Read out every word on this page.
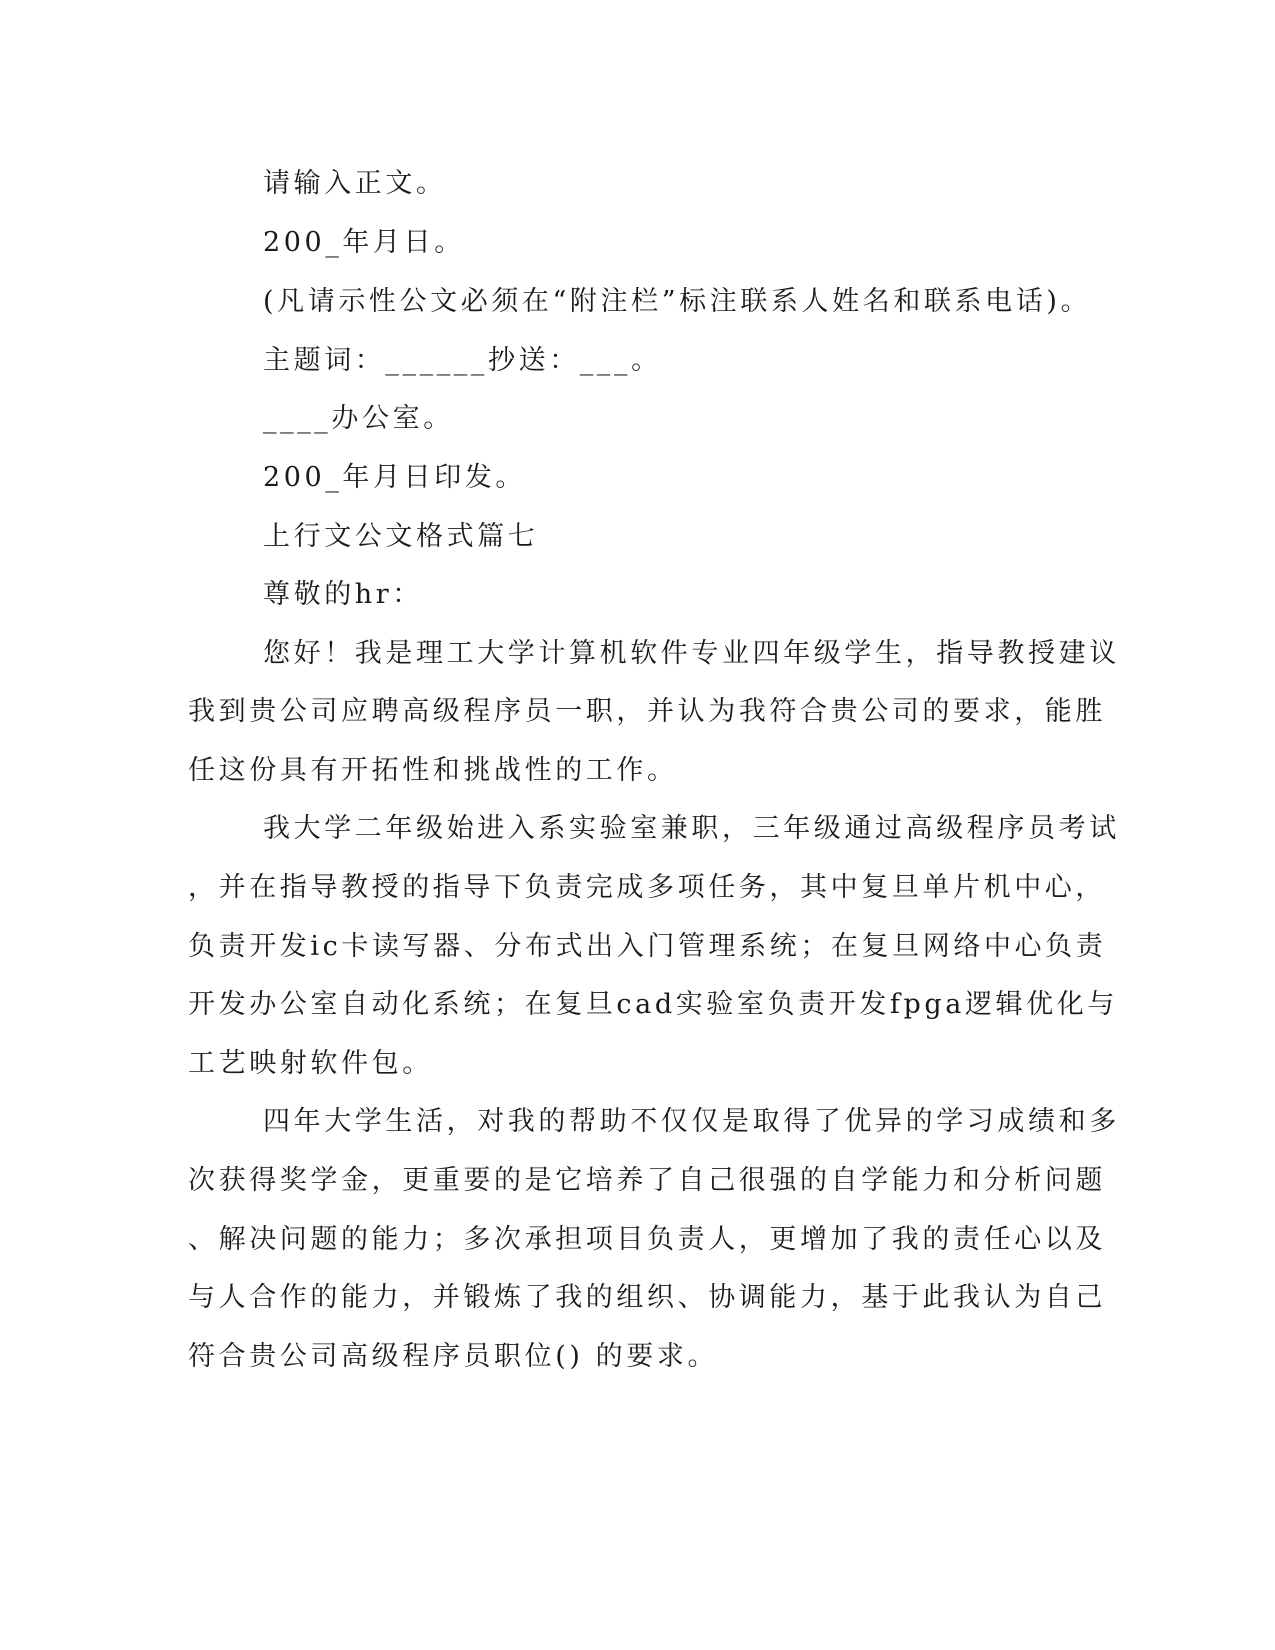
请输入正文。
200_年月日。
(凡请示性公文必须在“附注栏”标注联系人姓名和联系电话)。
主题词：______抄送：___。
____办公室。
200_年月日印发。
上行文公文格式篇七
尊敬的hr：
您好！我是理工大学计算机软件专业四年级学生，指导教授建议
我到贵公司应聘高级程序员一职，并认为我符合贵公司的要求，能胜
任这份具有开拓性和挑战性的工作。
我大学二年级始进入系实验室兼职，三年级通过高级程序员考试
，并在指导教授的指导下负责完成多项任务，其中复旦单片机中心，
负责开发ic卡读写器、分布式出入门管理系统；在复旦网络中心负责
开发办公室自动化系统；在复旦cad实验室负责开发fpga逻辑优化与
工艺映射软件包。
四年大学生活，对我的帮助不仅仅是取得了优异的学习成绩和多
次获得奖学金，更重要的是它培养了自己很强的自学能力和分析问题
、解决问题的能力；多次承担项目负责人，更增加了我的责任心以及
与人合作的能力，并锻炼了我的组织、协调能力，基于此我认为自己
符合贵公司高级程序员职位() 的要求。
